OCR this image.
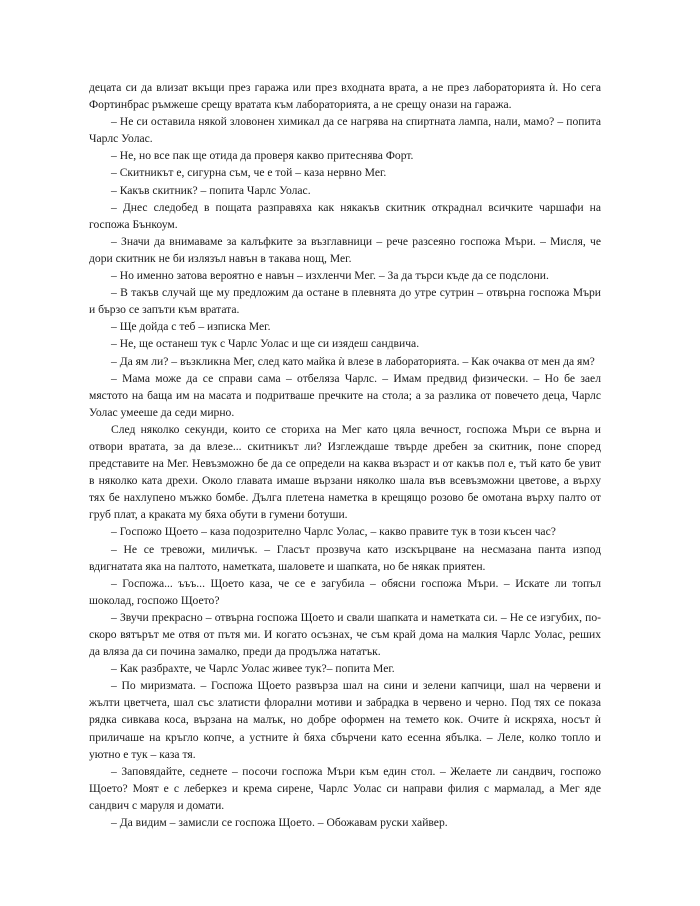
децата си да влизат вкъщи през гаража или през входната врата, а не през лабораторията ѝ. Но сега Фортинбрас ръмжеше срещу вратата към лабораторията, а не срещу онази на гаража.

– Не си оставила някой зловонен химикал да се нагрява на спиртната лампа, нали, мамо? – попита Чарлс Уолас.

– Не, но все пак ще отида да проверя какво притеснява Форт.

– Скитникът е, сигурна съм, че е той – каза нервно Мег.

– Какъв скитник? – попита Чарлс Уолас.

– Днес следобед в пощата разправяха как някакъв скитник откраднал всичките чаршафи на госпожа Бънкоум.

– Значи да внимаваме за калъфките за възглавници – рече разсеяно госпожа Мъри. – Мисля, че дори скитник не би излязъл навън в такава нощ, Мег.

– Но именно затова вероятно е навън – изхленчи Мег. – За да търси къде да се подслони.

– В такъв случай ще му предложим да остане в плевнята до утре сутрин – отвърна госпожа Мъри и бързо се запъти към вратата.

– Ще дойда с теб – изписка Мег.

– Не, ще останеш тук с Чарлс Уолас и ще си изядеш сандвича.

– Да ям ли? – възкликна Мег, след като майка ѝ влезе в лабораторията. – Как очаква от мен да ям?

– Мама може да се справи сама – отбеляза Чарлс. – Имам предвид физически. – Но бе заел мястото на баща им на масата и подритваше пречките на стола; а за разлика от повечето деца, Чарлс Уолас умееше да седи мирно.

След няколко секунди, които се сториха на Мег като цяла вечност, госпожа Мъри се върна и отвори вратата, за да влезе... скитникът ли? Изглеждаше твърде дребен за скитник, поне според представите на Мег. Невъзможно бе да се определи на каква възраст и от какъв пол е, тъй като бе увит в няколко ката дрехи. Около главата имаше вързани няколко шала във всевъзможни цветове, а върху тях бе нахлупено мъжко бомбе. Дълга плетена наметка в крещящо розово бе омотана върху палто от груб плат, а краката му бяха обути в гумени ботуши.

– Госпожо Щоето – каза подозрително Чарлс Уолас, – какво правите тук в този късен час?

– Не се тревожи, миличък. – Гласът прозвуча като изскърцване на несмазана панта изпод вдигнатата яка на палтото, наметката, шаловете и шапката, но бе някак приятен.

– Госпожа... ъъъ... Щоето каза, че се е загубила – обясни госпожа Мъри. – Искате ли топъл шоколад, госпожо Щоето?

– Звучи прекрасно – отвърна госпожа Щоето и свали шапката и наметката си. – Не се изгубих, по-скоро вятърът ме отвя от пътя ми. И когато осъзнах, че съм край дома на малкия Чарлс Уолас, реших да вляза да си почина замалко, преди да продължа нататък.

– Как разбрахте, че Чарлс Уолас живее тук?– попита Мег.

– По миризмата. – Госпожа Щоето развърза шал на сини и зелени капчици, шал на червени и жълти цветчета, шал със златисти флорални мотиви и забрадка в червено и черно. Под тях се показа рядка сивкава коса, вързана на малък, но добре оформен на темето кок. Очите ѝ искряха, носът ѝ приличаше на кръгло копче, а устните ѝ бяха сбърчени като есенна ябълка. – Леле, колко топло и уютно е тук – каза тя.

– Заповядайте, седнете – посочи госпожа Мъри към един стол. – Желаете ли сандвич, госпожо Щоето? Моят е с леберкез и крема сирене, Чарлс Уолас си направи филия с мармалад, а Мег яде сандвич с маруля и домати.

– Да видим – замисли се госпожа Щоето. – Обожавам руски хайвер.
